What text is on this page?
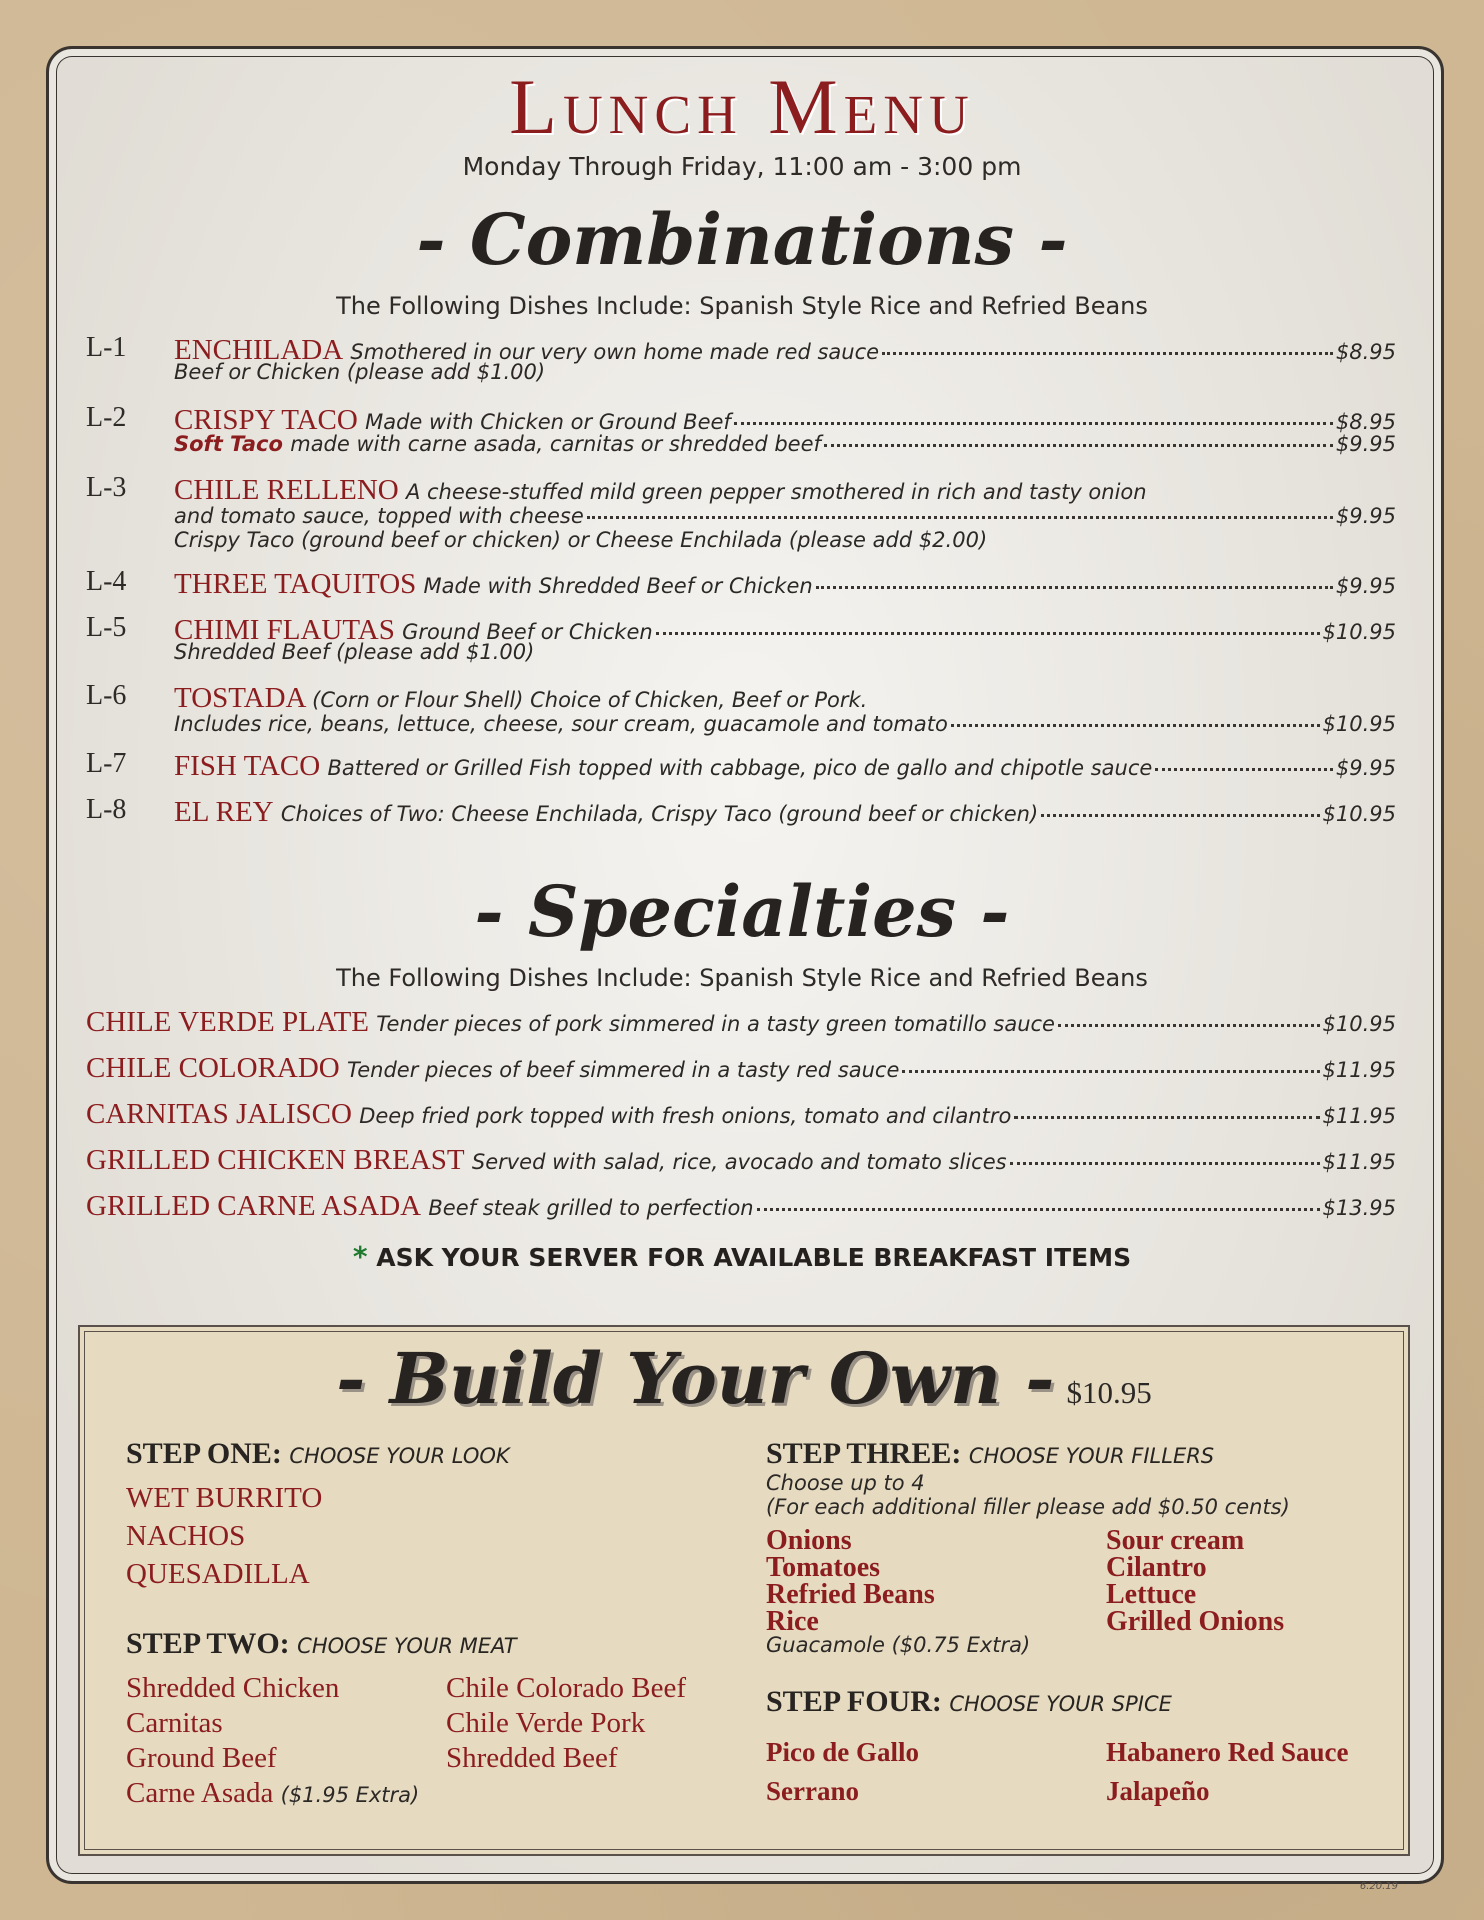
Lunch Menu
Monday Through Friday, 11:00 am - 3:00 pm
- Combinations -
The Following Dishes Include: Spanish Style Rice and Refried Beans
L-1 ENCHILADA Smothered in our very own home made red sauce	$8.95
Beef or Chicken (please add $1.00)
L-2 CRISPY TACO Made with Chicken or Ground Beef	$8.95
Soft Taco made with carne asada, carnitas or shredded beef	$9.95
L-3 CHILE RELLENO A cheese-stuffed mild green pepper smothered in rich and tasty onion
and tomato sauce, topped with cheese	$9.95
Crispy Taco (ground beef or chicken) or Cheese Enchilada (please add $2.00)
L-4 THREE TAQUITOS Made with Shredded Beef or Chicken	$9.95
L-5 CHIMI FLAUTAS Ground Beef or Chicken	$10.95
Shredded Beef (please add $1.00)
L-6 TOSTADA (Corn or Flour Shell) Choice of Chicken, Beef or Pork.
Includes rice, beans, lettuce, cheese, sour cream, guacamole and tomato	$10.95
L-7 FISH TACO Battered or Grilled Fish topped with cabbage, pico de gallo and chipotle sauce	$9.95
L-8 EL REY Choices of Two: Cheese Enchilada, Crispy Taco (ground beef or chicken)	$10.95
- Specialties -
The Following Dishes Include: Spanish Style Rice and Refried Beans
CHILE VERDE PLATE Tender pieces of pork simmered in a tasty green tomatillo sauce	$10.95
CHILE COLORADO Tender pieces of beef simmered in a tasty red sauce	$11.95
CARNITAS JALISCO Deep fried pork topped with fresh onions, tomato and cilantro	$11.95
GRILLED CHICKEN BREAST Served with salad, rice, avocado and tomato slices	$11.95
GRILLED CARNE ASADA Beef steak grilled to perfection	$13.95
* ASK YOUR SERVER FOR AVAILABLE BREAKFAST ITEMS
- Build Your Own - $10.95
STEP ONE: CHOOSE YOUR LOOK
WET BURRITO
NACHOS
QUESADILLA
STEP TWO: CHOOSE YOUR MEAT
Shredded Chicken
Carnitas
Ground Beef
Carne Asada ($1.95 Extra)
Chile Colorado Beef
Chile Verde Pork
Shredded Beef
STEP THREE: CHOOSE YOUR FILLERS
Choose up to 4
(For each additional filler please add $0.50 cents)
Onions
Tomatoes
Refried Beans
Rice
Sour cream
Cilantro
Lettuce
Grilled Onions
Guacamole ($0.75 Extra)
STEP FOUR: CHOOSE YOUR SPICE
Pico de Gallo
Serrano
Habanero Red Sauce
Jalapeño
6.20.19
